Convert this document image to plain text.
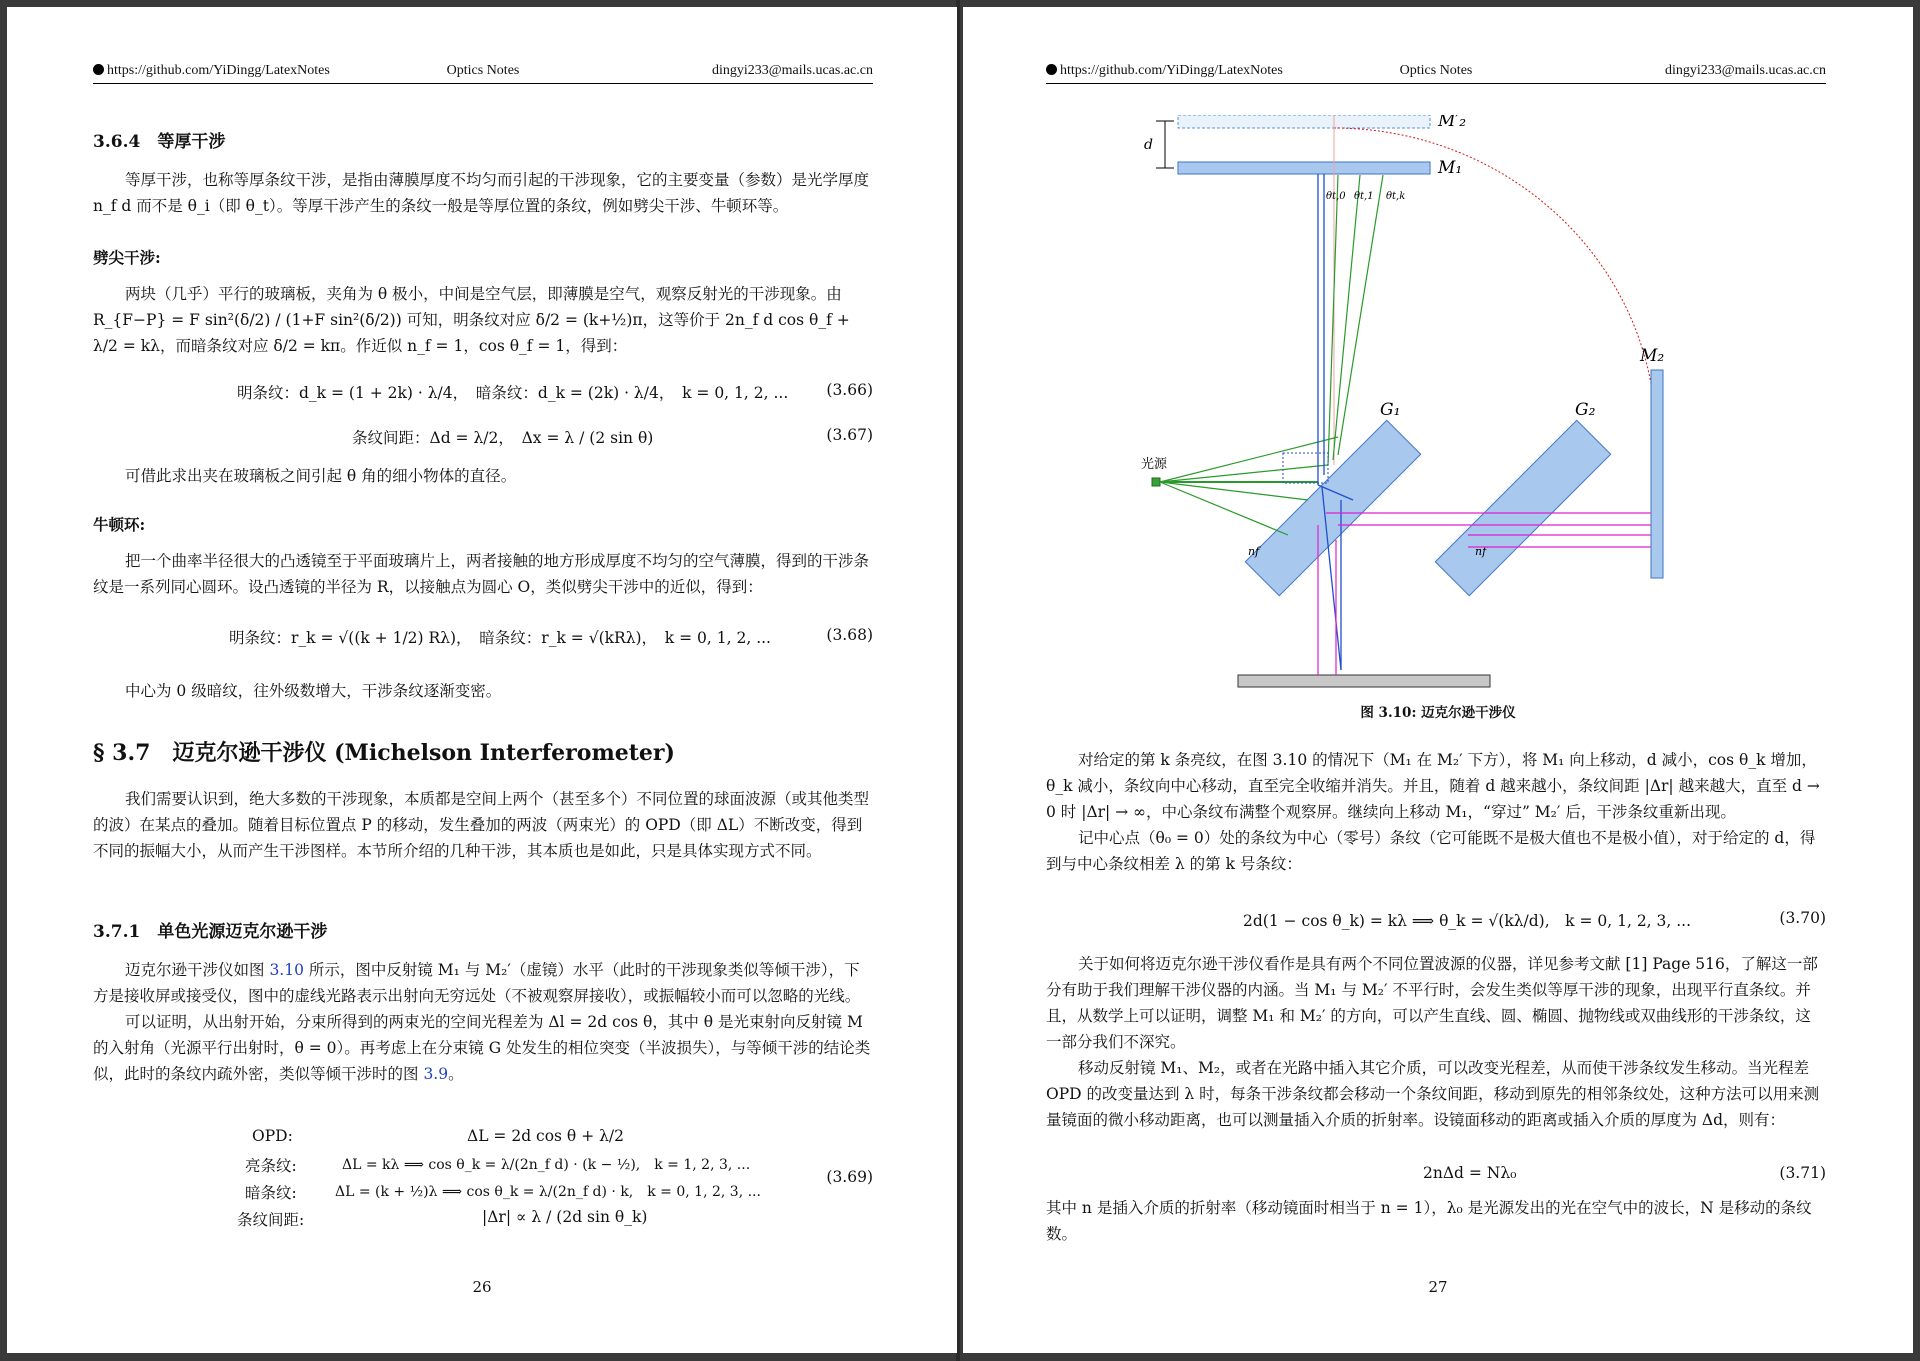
https://github.com/YiDingg/LatexNotes	Optics Notes	dingyi233@mails.ucas.ac.cn
3.6.4　等厚干涉

等厚干涉，也称等厚条纹干涉，是指由薄膜厚度不均匀而引起的干涉现象，它的主要变量（参数）是光学厚度 n_f d 而不是 θ_i（即 θ_t）。等厚干涉产生的条纹一般是等厚位置的条纹，例如劈尖干涉、牛顿环等。

劈尖干涉:

两块（几乎）平行的玻璃板，夹角为 θ 极小，中间是空气层，即薄膜是空气，观察反射光的干涉现象。由 R_{F−P} = F sin²(δ/2) / (1+F sin²(δ/2)) 可知，明条纹对应 δ/2 = (k+½)π，这等价于 2n_f d cos θ_f + λ/2 = kλ，而暗条纹对应 δ/2 = kπ。作近似 n_f = 1，cos θ_f = 1，得到：

明条纹：d_k = (1 + 2k) · λ/4，　暗条纹：d_k = (2k) · λ/4，　k = 0, 1, 2, ... (3.66)
条纹间距：Δd = λ/2，　Δx = λ / (2 sin θ)	(3.67)

可借此求出夹在玻璃板之间引起 θ 角的细小物体的直径。

牛顿环:

把一个曲率半径很大的凸透镜至于平面玻璃片上，两者接触的地方形成厚度不均匀的空气薄膜，得到的干涉条纹是一系列同心圆环。设凸透镜的半径为 R，以接触点为圆心 O，类似劈尖干涉中的近似，得到：

明条纹：r_k = √((k + 1/2) Rλ)，　暗条纹：r_k = √(kRλ)，　k = 0, 1, 2, ...	(3.68)

中心为 0 级暗纹，往外级数增大，干涉条纹逐渐变密。

§ 3.7　迈克尔逊干涉仪 (Michelson Interferometer)

我们需要认识到，绝大多数的干涉现象，本质都是空间上两个（甚至多个）不同位置的球面波源（或其他类型的波）在某点的叠加。随着目标位置点 P 的移动，发生叠加的两波（两束光）的 OPD（即 ΔL）不断改变，得到不同的振幅大小，从而产生干涉图样。本节所介绍的几种干涉，其本质也是如此，只是具体实现方式不同。

3.7.1　单色光源迈克尔逊干涉

迈克尔逊干涉仪如图 3.10 所示，图中反射镜 M₁ 与 M₂′（虚镜）水平（此时的干涉现象类似等倾干涉），下方是接收屏或接受仪，图中的虚线光路表示出射向无穷远处（不被观察屏接收），或振幅较小而可以忽略的光线。

可以证明，从出射开始，分束所得到的两束光的空间光程差为 Δl = 2d cos θ，其中 θ 是光束射向反射镜 M 的入射角（光源平行出射时，θ = 0）。再考虑上在分束镜 G 处发生的相位突变（半波损失），与等倾干涉的结论类似，此时的条纹内疏外密，类似等倾干涉时的图 3.9。

OPD:	ΔL = 2d cos θ + λ/2
亮条纹:	ΔL = kλ ⟹ cos θ_k = λ/(2n_f d) · (k − ½),　k = 1, 2, 3, ...
暗条纹:	ΔL = (k + ½)λ ⟹ cos θ_k = λ/(2n_f d) · k,　k = 0, 1, 2, 3, ...
条纹间距:	|Δr| ∝ λ / (2d sin θ_k)
(3.69)
26
https://github.com/YiDingg/LatexNotes	Optics Notes	dingyi233@mails.ucas.ac.cn
d
M′₂
M₁
M₂
G₁
nf
G₂
nf
光源
θt,0 θt,1 θt,k
图 3.10: 迈克尔逊干涉仪

对给定的第 k 条亮纹，在图 3.10 的情况下（M₁ 在 M₂′ 下方），将 M₁ 向上移动，d 减小，cos θ_k 增加，θ_k 减小，条纹向中心移动，直至完全收缩并消失。并且，随着 d 越来越小，条纹间距 |Δr| 越来越大，直至 d → 0 时 |Δr| → ∞，中心条纹布满整个观察屏。继续向上移动 M₁，“穿过” M₂′ 后，干涉条纹重新出现。

记中心点（θ₀ = 0）处的条纹为中心（零号）条纹（它可能既不是极大值也不是极小值），对于给定的 d，得到与中心条纹相差 λ 的第 k 号条纹：

2d(1 − cos θ_k) = kλ ⟹ θ_k = √(kλ/d),　k = 0, 1, 2, 3, ...	(3.70)

关于如何将迈克尔逊干涉仪看作是具有两个不同位置波源的仪器，详见参考文献 [1] Page 516，了解这一部分有助于我们理解干涉仪器的内涵。当 M₁ 与 M₂′ 不平行时，会发生类似等厚干涉的现象，出现平行直条纹。并且，从数学上可以证明，调整 M₁ 和 M₂′ 的方向，可以产生直线、圆、椭圆、抛物线或双曲线形的干涉条纹，这一部分我们不深究。

移动反射镜 M₁、M₂，或者在光路中插入其它介质，可以改变光程差，从而使干涉条纹发生移动。当光程差 OPD 的改变量达到 λ 时，每条干涉条纹都会移动一个条纹间距，移动到原先的相邻条纹处，这种方法可以用来测量镜面的微小移动距离，也可以测量插入介质的折射率。设镜面移动的距离或插入介质的厚度为 Δd，则有：

2nΔd = Nλ₀	(3.71)

其中 n 是插入介质的折射率（移动镜面时相当于 n = 1），λ₀ 是光源发出的光在空气中的波长，N 是移动的条纹数。

27
